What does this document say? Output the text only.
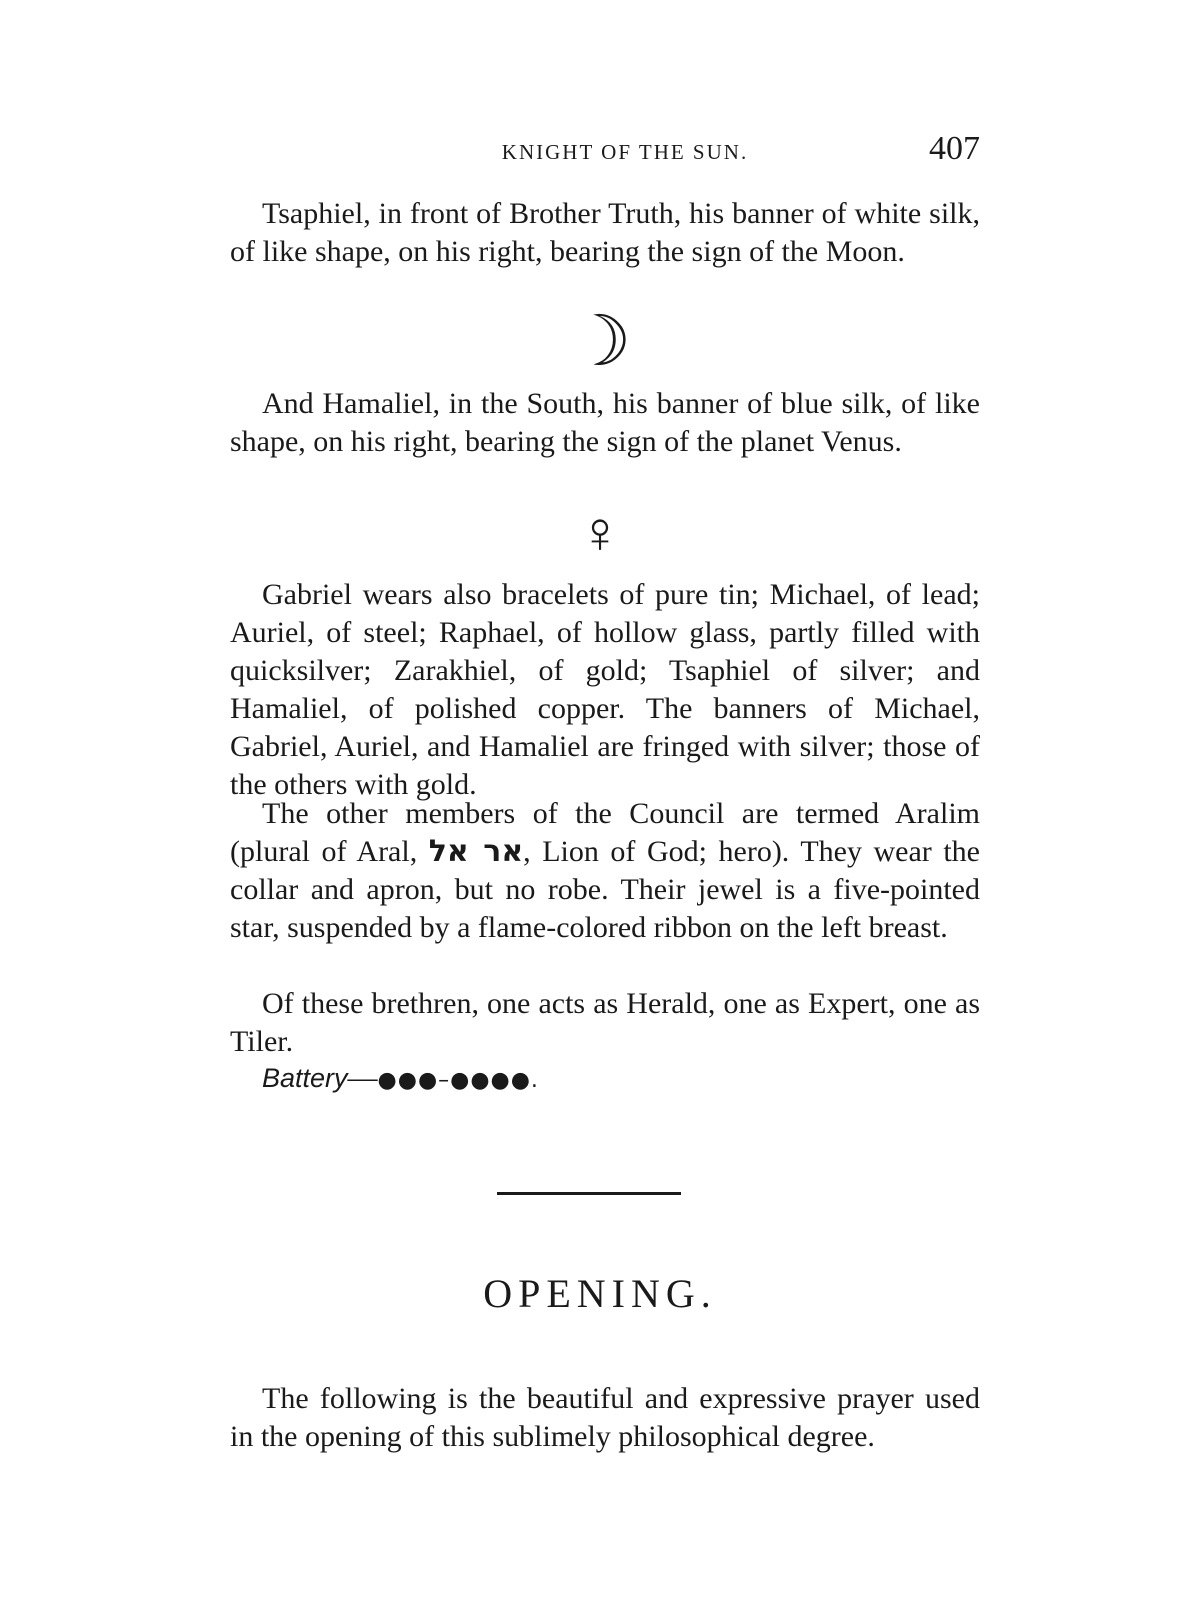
KNIGHT OF THE SUN.	407

Tsaphiel, in front of Brother Truth, his banner of white silk, of like shape, on his right, bearing the sign of the Moon.

☽

And Hamaliel, in the South, his banner of blue silk, of like shape, on his right, bearing the sign of the planet Venus.

♀

Gabriel wears also bracelets of pure tin; Michael, of lead; Auriel, of steel; Raphael, of hollow glass, partly filled with quicksilver; Zarakhiel, of gold; Tsaphiel of silver; and Hamaliel, of polished copper. The banners of Michael, Gabriel, Auriel, and Hamaliel are fringed with silver; those of the others with gold.

The other members of the Council are termed Aralim (plural of Aral, אר אל, Lion of God; hero). They wear the collar and apron, but no robe. Their jewel is a five-pointed star, suspended by a flame-colored ribbon on the left breast.

Of these brethren, one acts as Herald, one as Expert, one as Tiler.

Battery—●●●–●●●●.

OPENING.

The following is the beautiful and expressive prayer used in the opening of this sublimely philosophical degree.
